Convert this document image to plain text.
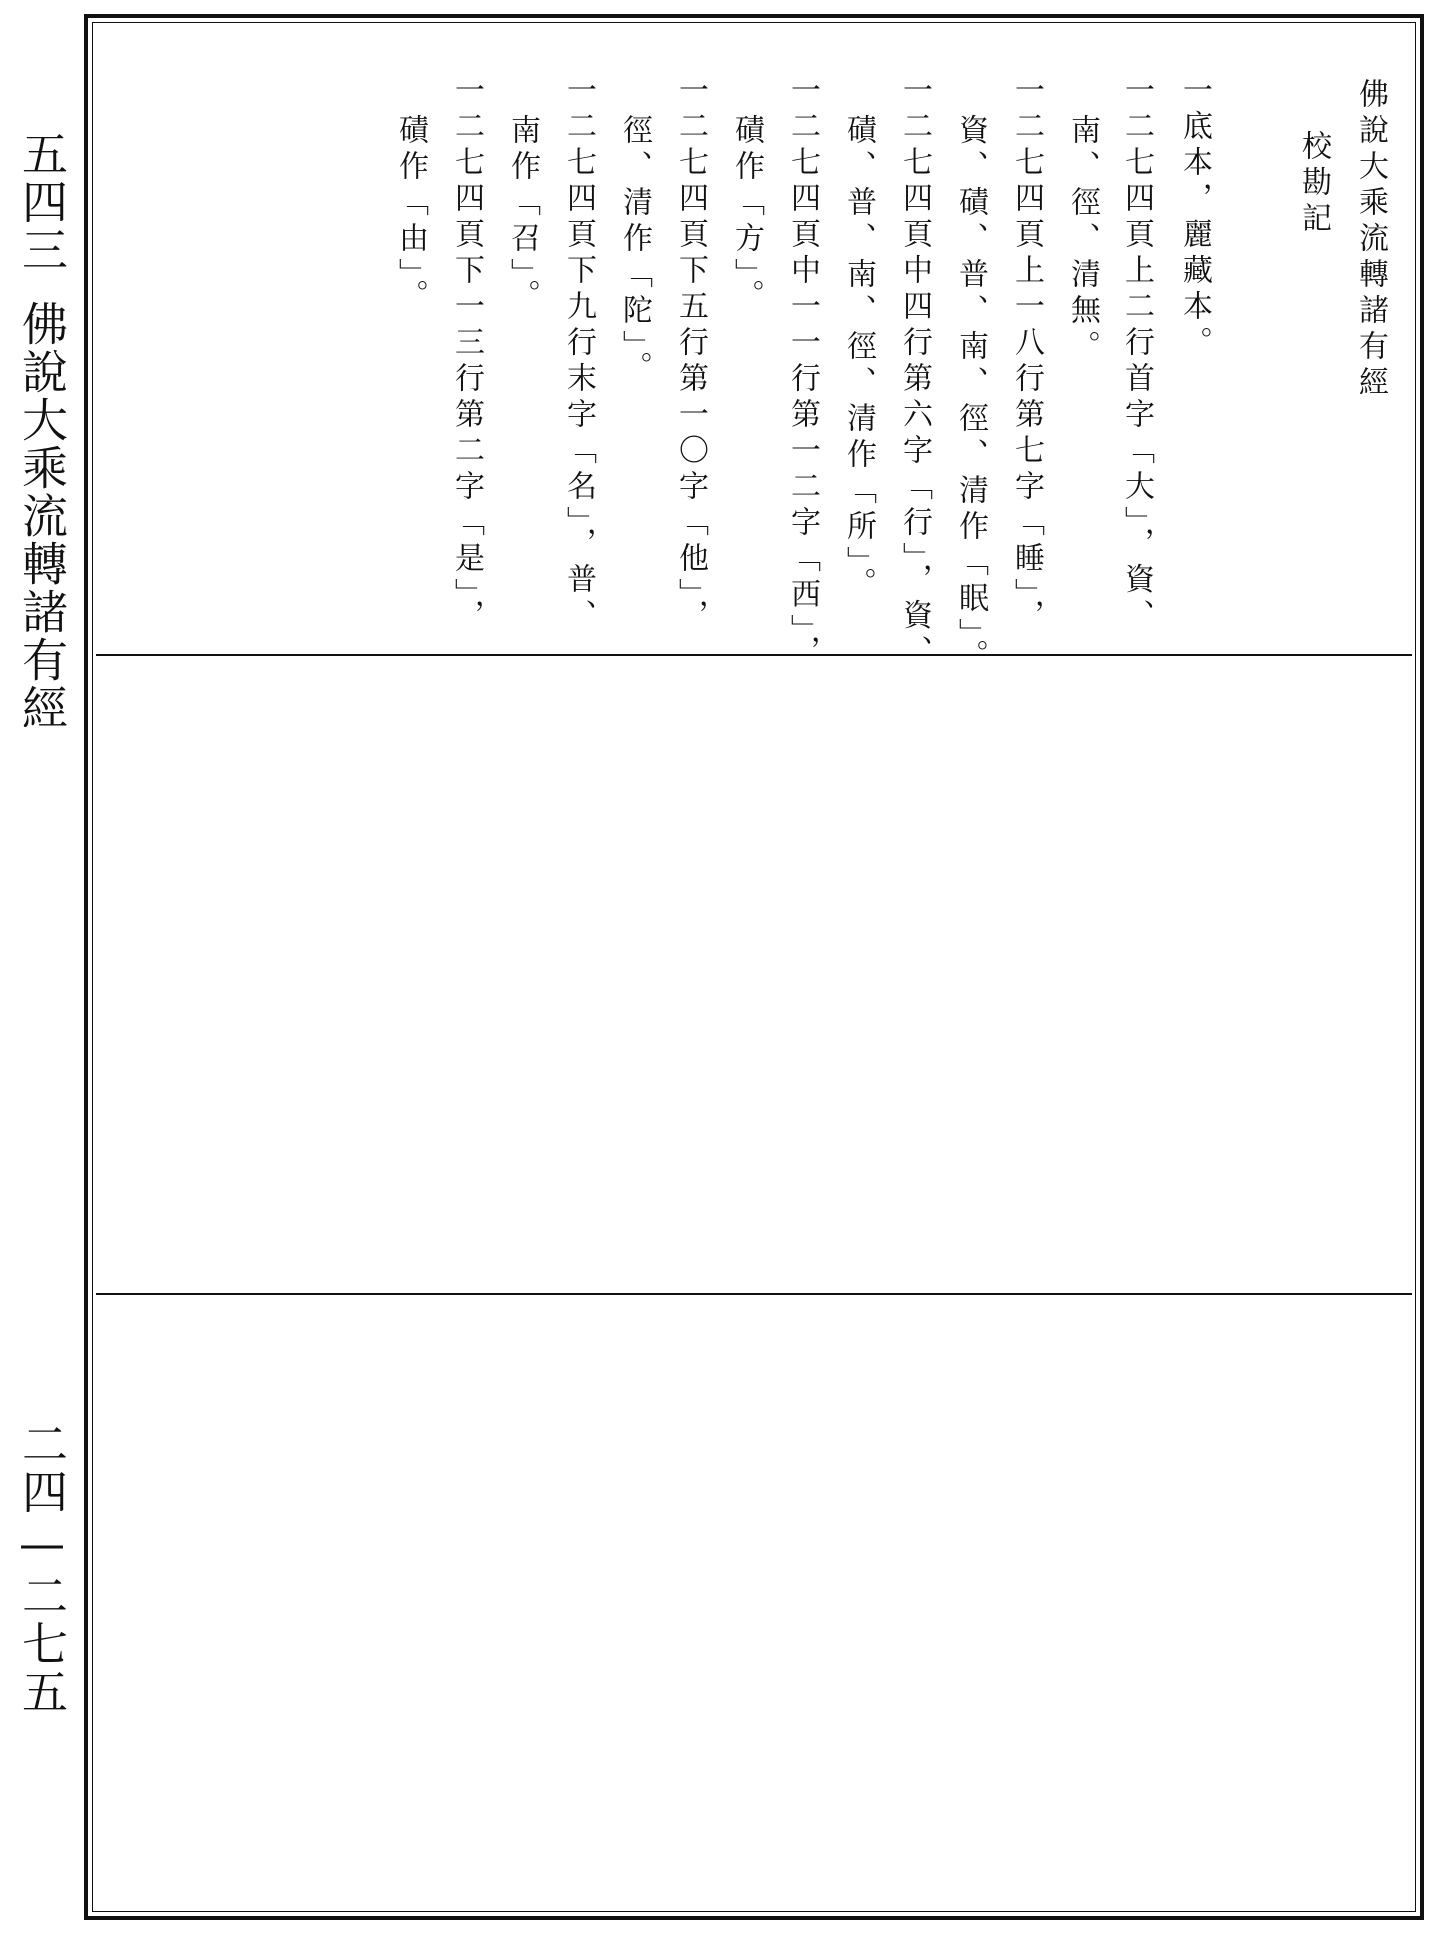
五四三
佛說大乘流轉諸有經
二四—二七五
佛說大乘流轉諸有經
校勘記
一底本，麗藏本。
一二七四頁上二行首字「大」，資、
南、徑、清無。
一二七四頁上一八行第七字「睡」，
資、磧、普、南、徑、清作「眠」。
一二七四頁中四行第六字「行」，資、
磧、普、南、徑、清作「所」。
一二七四頁中一一行第一二字「西」，
磧作「方」。
一二七四頁下五行第一〇字「他」，
徑、清作「陀」。
一二七四頁下九行末字「名」，普、
南作「召」。
一二七四頁下一三行第二字「是」，
磧作「由」。
